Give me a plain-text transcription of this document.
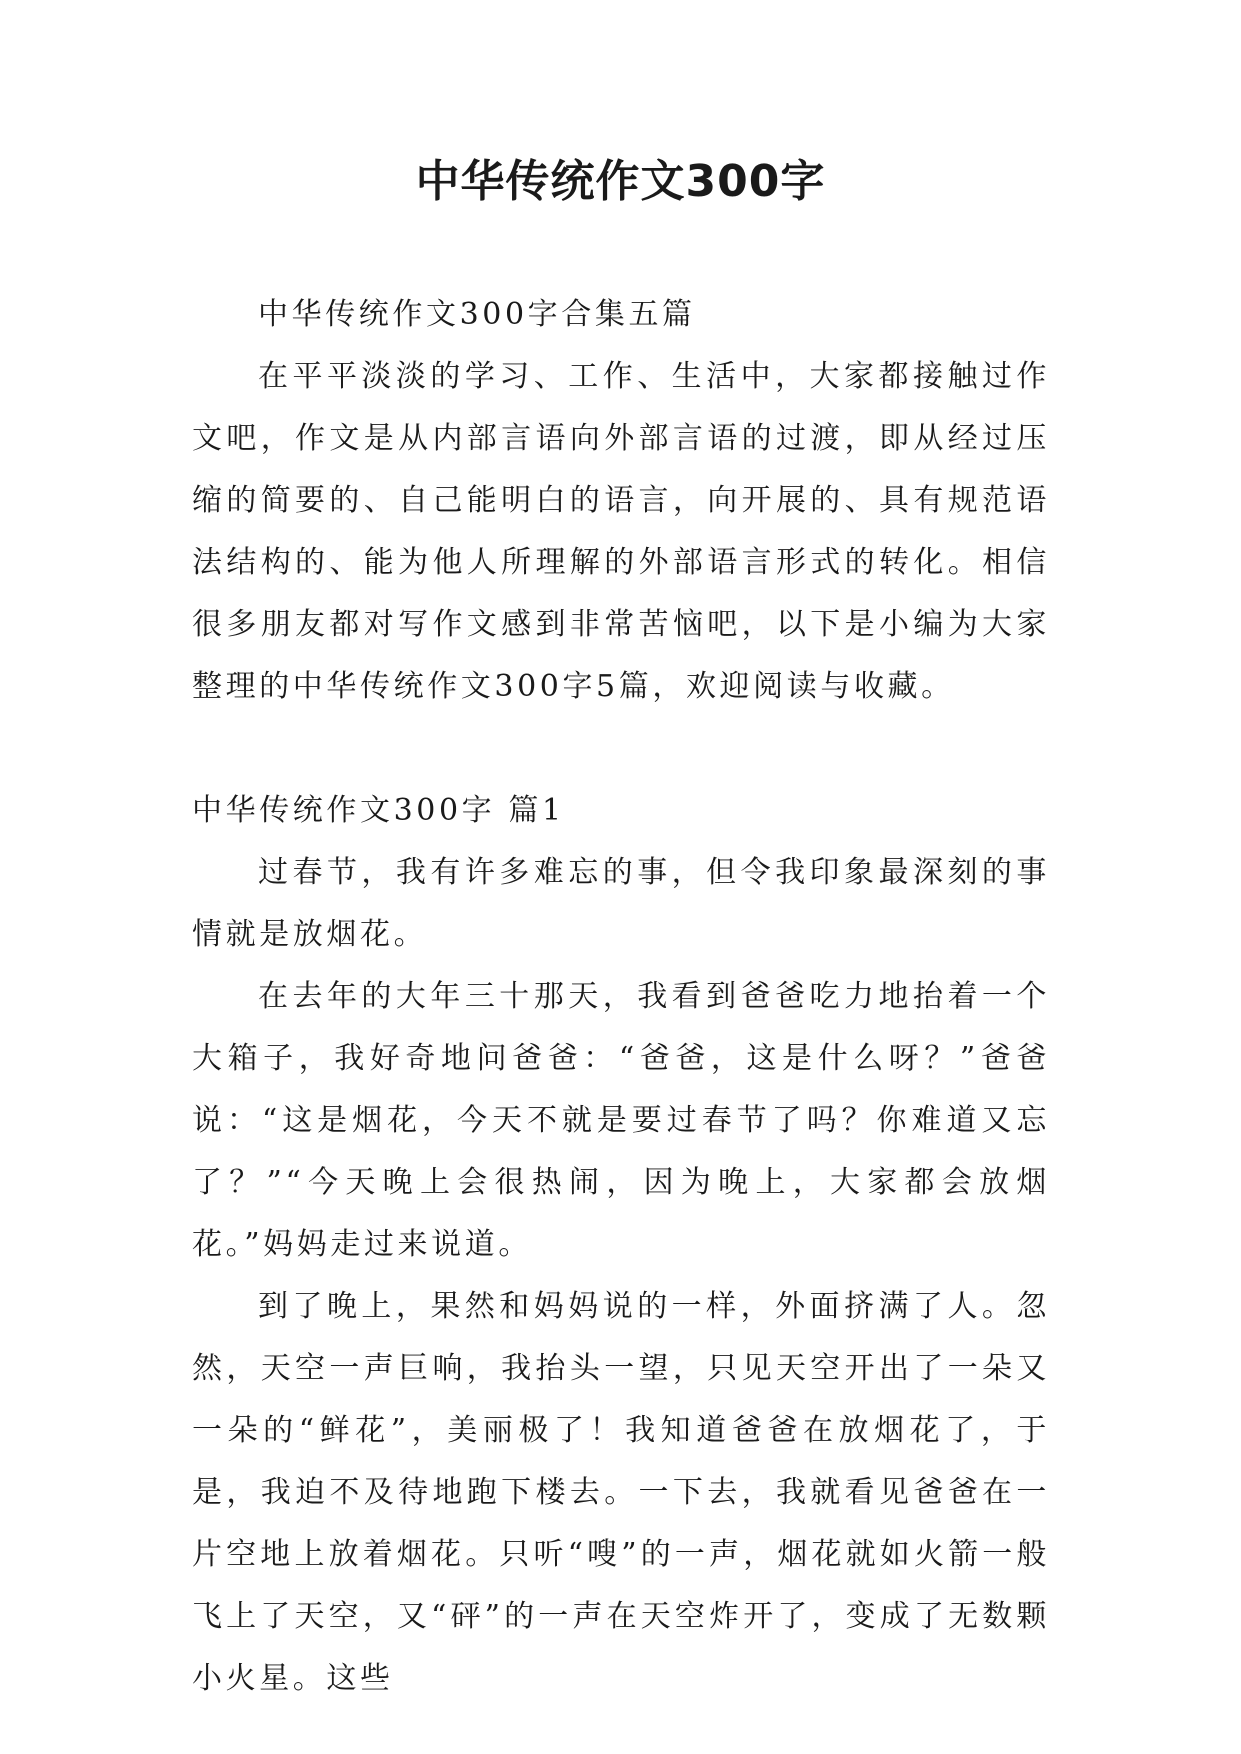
中华传统作文300字

中华传统作文300字合集五篇

在平平淡淡的学习、工作、生活中，大家都接触过作文吧，作文是从内部言语向外部言语的过渡，即从经过压缩的简要的、自己能明白的语言，向开展的、具有规范语法结构的、能为他人所理解的外部语言形式的转化。相信很多朋友都对写作文感到非常苦恼吧，以下是小编为大家整理的中华传统作文300字5篇，欢迎阅读与收藏。

中华传统作文300字 篇1

过春节，我有许多难忘的事，但令我印象最深刻的事情就是放烟花。

在去年的大年三十那天，我看到爸爸吃力地抬着一个大箱子，我好奇地问爸爸：“爸爸，这是什么呀？”爸爸说：“这是烟花，今天不就是要过春节了吗？你难道又忘了？”“今天晚上会很热闹，因为晚上，大家都会放烟花。”妈妈走过来说道。

到了晚上，果然和妈妈说的一样，外面挤满了人。忽然，天空一声巨响，我抬头一望，只见天空开出了一朵又一朵的“鲜花”，美丽极了！我知道爸爸在放烟花了，于是，我迫不及待地跑下楼去。一下去，我就看见爸爸在一片空地上放着烟花。只听“嗖”的一声，烟花就如火箭一般飞上了天空，又“砰”的一声在天空炸开了，变成了无数颗小火星。这些
